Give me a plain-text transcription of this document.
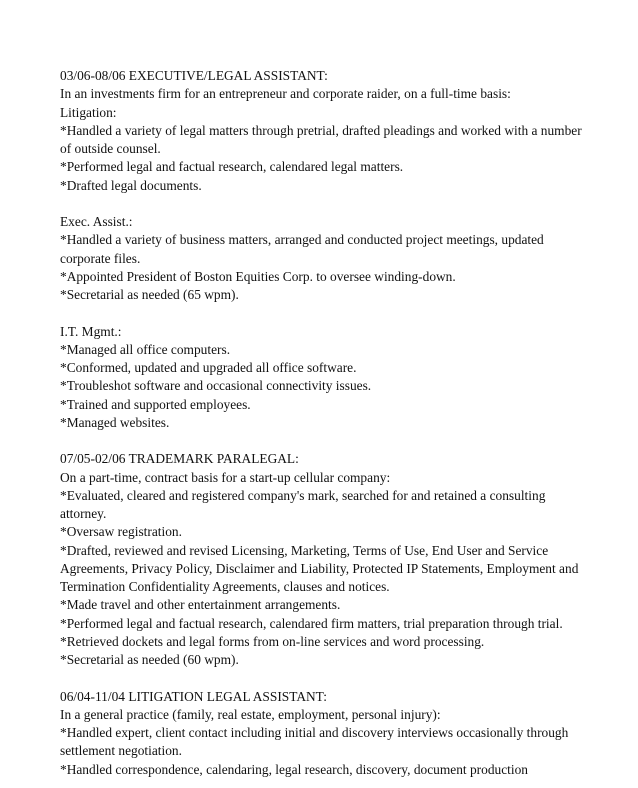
03/06-08/06 EXECUTIVE/LEGAL ASSISTANT:
In an investments firm for an entrepreneur and corporate raider, on a full-time basis:
Litigation:
*Handled a variety of legal matters through pretrial, drafted pleadings and worked with a number
of outside counsel.
*Performed legal and factual research, calendared legal matters.
*Drafted legal documents.
Exec. Assist.:
*Handled a variety of business matters, arranged and conducted project meetings, updated
corporate files.
*Appointed President of Boston Equities Corp. to oversee winding-down.
*Secretarial as needed (65 wpm).
I.T. Mgmt.:
*Managed all office computers.
*Conformed, updated and upgraded all office software.
*Troubleshot software and occasional connectivity issues.
*Trained and supported employees.
*Managed websites.
07/05-02/06 TRADEMARK PARALEGAL:
On a part-time, contract basis for a start-up cellular company:
*Evaluated, cleared and registered company's mark, searched for and retained a consulting
attorney.
*Oversaw registration.
*Drafted, reviewed and revised Licensing, Marketing, Terms of Use, End User and Service
Agreements, Privacy Policy, Disclaimer and Liability, Protected IP Statements, Employment and
Termination Confidentiality Agreements, clauses and notices.
*Made travel and other entertainment arrangements.
*Performed legal and factual research, calendared firm matters, trial preparation through trial.
*Retrieved dockets and legal forms from on-line services and word processing.
*Secretarial as needed (60 wpm).
06/04-11/04 LITIGATION LEGAL ASSISTANT:
In a general practice (family, real estate, employment, personal injury):
*Handled expert, client contact including initial and discovery interviews occasionally through
settlement negotiation.
*Handled correspondence, calendaring, legal research, discovery, document production
